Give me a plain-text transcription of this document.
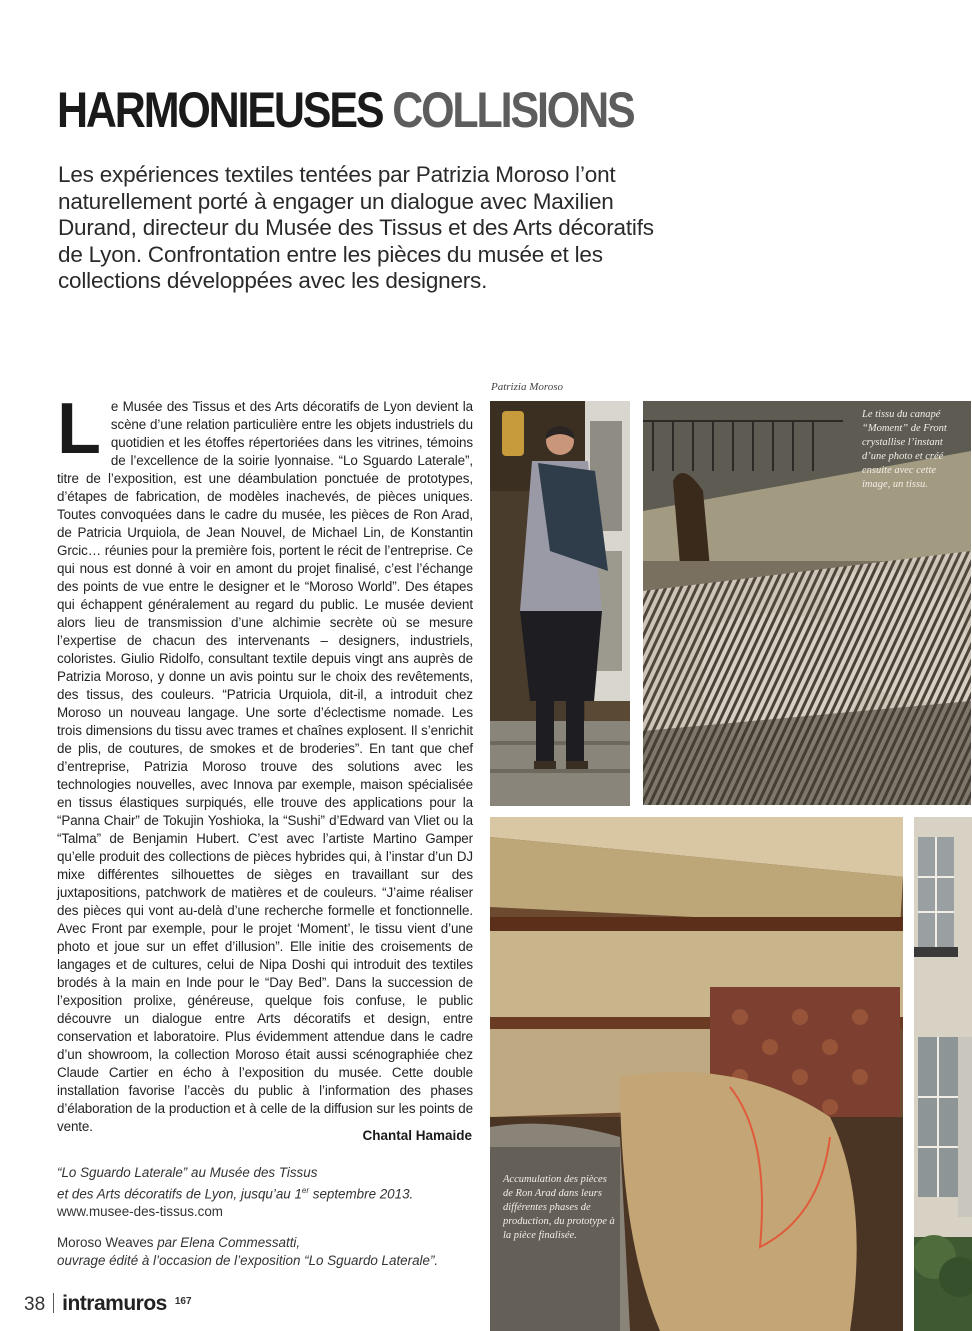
HARMONIEUSES COLLISIONS

Les expériences textiles tentées par Patrizia Moroso l’ont naturellement porté à engager un dialogue avec Maxilien Durand, directeur du Musée des Tissus et des Arts décoratifs de Lyon. Confrontation entre les pièces du musée et les collections développées avec les designers.

Le Musée des Tissus et des Arts décoratifs de Lyon devient la scène d’une relation particulière entre les objets industriels du quotidien et les étoffes répertoriées dans les vitrines, témoins de l’excellence de la soirie lyonnaise. “Lo Sguardo Laterale”, titre de l’exposition, est une déambulation ponctuée de prototypes, d’étapes de fabrication, de modèles inachevés, de pièces uniques. Toutes convoquées dans le cadre du musée, les pièces de Ron Arad, de Patricia Urquiola, de Jean Nouvel, de Michael Lin, de Konstantin Grcic… réunies pour la première fois, portent le récit de l’entreprise. Ce qui nous est donné à voir en amont du projet finalisé, c’est l’échange des points de vue entre le designer et le “Moroso World”. Des étapes qui échappent généralement au regard du public. Le musée devient alors lieu de transmission d’une alchimie secrète où se mesure l’expertise de chacun des intervenants – designers, industriels, coloristes. Giulio Ridolfo, consultant textile depuis vingt ans auprès de Patrizia Moroso, y donne un avis pointu sur le choix des revêtements, des tissus, des couleurs. “Patricia Urquiola, dit-il, a introduit chez Moroso un nouveau langage. Une sorte d’éclectisme nomade. Les trois dimensions du tissu avec trames et chaînes explosent. Il s’enrichit de plis, de coutures, de smokes et de broderies”. En tant que chef d’entreprise, Patrizia Moroso trouve des solutions avec les technologies nouvelles, avec Innova par exemple, maison spécialisée en tissus élastiques surpiqués, elle trouve des applications pour la “Panna Chair” de Tokujin Yoshioka, la “Sushi” d’Edward van Vliet ou la “Talma” de Benjamin Hubert. C’est avec l’artiste Martino Gamper qu’elle produit des collections de pièces hybrides qui, à l’instar d’un DJ mixe différentes silhouettes de sièges en travaillant sur des juxtapositions, patchwork de matières et de couleurs. “J’aime réaliser des pièces qui vont au-delà d’une recherche formelle et fonctionnelle. Avec Front par exemple, pour le projet ‘Moment’, le tissu vient d’une photo et joue sur un effet d’illusion”. Elle initie des croisements de langages et de cultures, celui de Nipa Doshi qui introduit des textiles brodés à la main en Inde pour le “Day Bed”. Dans la succession de l’exposition prolixe, généreuse, quelque fois confuse, le public découvre un dialogue entre Arts décoratifs et design, entre conservation et laboratoire. Plus évidemment attendue dans le cadre d’un showroom, la collection Moroso était aussi scénographiée chez Claude Cartier en écho à l’exposition du musée. Cette double installation favorise l’accès du public à l’information des phases d’élaboration de la production et à celle de la diffusion sur les points de vente.
Chantal Hamaide
“Lo Sguardo Laterale” au Musée des Tissus
et des Arts décoratifs de Lyon, jusqu’au 1er septembre 2013.
www.musee-des-tissus.com
Moroso Weaves par Elena Commessatti,
ouvrage édité à l’occasion de l’exposition “Lo Sguardo Laterale”.
38 intramuros 167
Patrizia Moroso
Le tissu du canapé “Moment” de Front crystallise l’instant d’une photo et créé ensuite avec cette image, un tissu.
Accumulation des pièces de Ron Arad dans leurs différentes phases de production, du prototype à la pièce finalisée.
